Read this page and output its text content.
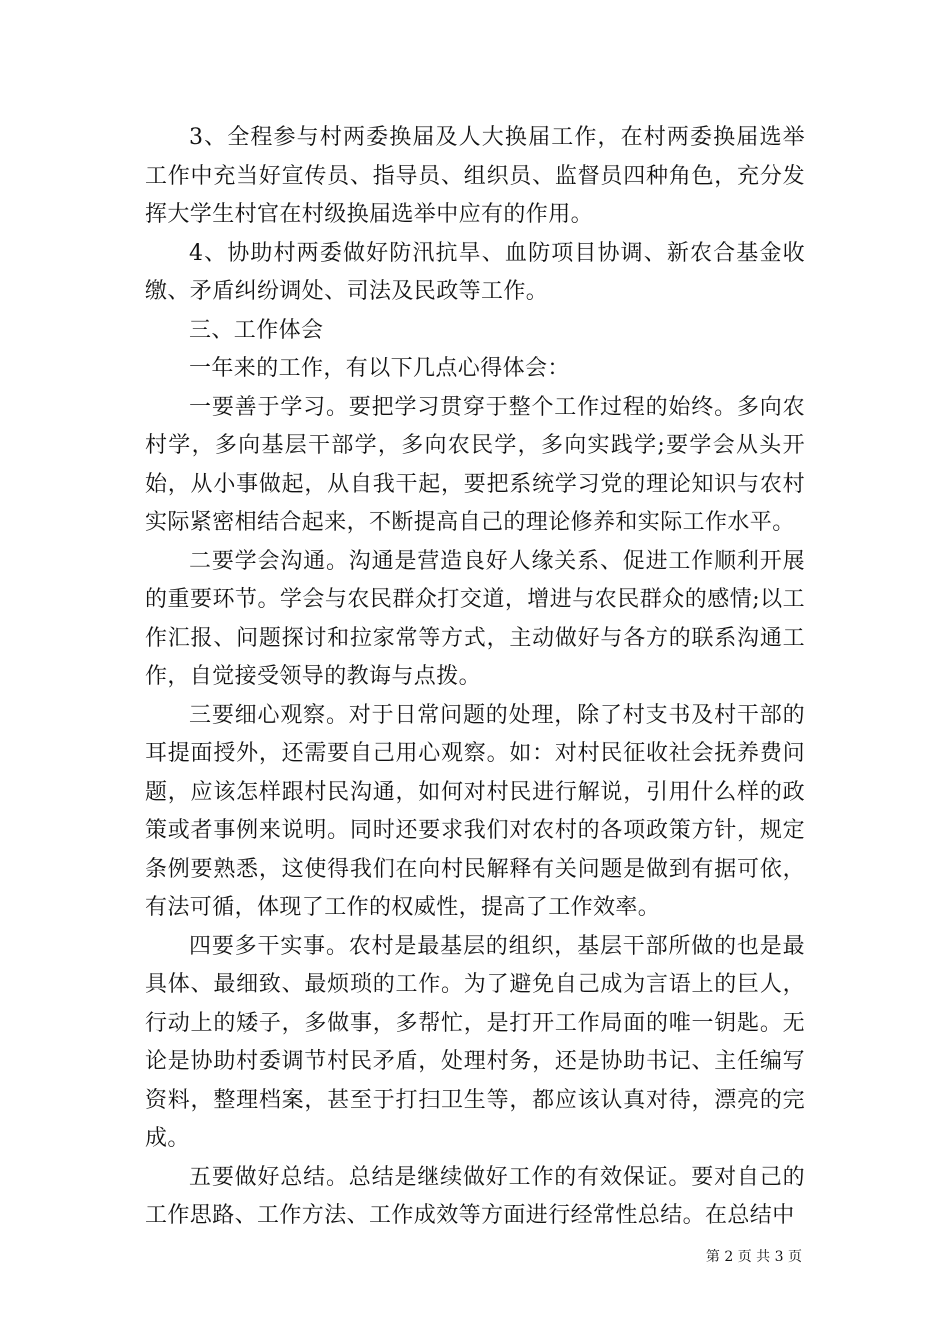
3、全程参与村两委换届及人大换届工作，在村两委换届选举工作中充当好宣传员、指导员、组织员、监督员四种角色，充分发挥大学生村官在村级换届选举中应有的作用。

4、协助村两委做好防汛抗旱、血防项目协调、新农合基金收缴、矛盾纠纷调处、司法及民政等工作。

三、工作体会

一年来的工作，有以下几点心得体会：

一要善于学习。要把学习贯穿于整个工作过程的始终。多向农村学，多向基层干部学，多向农民学，多向实践学;要学会从头开始，从小事做起，从自我干起，要把系统学习党的理论知识与农村实际紧密相结合起来，不断提高自己的理论修养和实际工作水平。

二要学会沟通。沟通是营造良好人缘关系、促进工作顺利开展的重要环节。学会与农民群众打交道，增进与农民群众的感情;以工作汇报、问题探讨和拉家常等方式，主动做好与各方的联系沟通工作，自觉接受领导的教诲与点拨。

三要细心观察。对于日常问题的处理，除了村支书及村干部的耳提面授外，还需要自己用心观察。如：对村民征收社会抚养费问题，应该怎样跟村民沟通，如何对村民进行解说，引用什么样的政策或者事例来说明。同时还要求我们对农村的各项政策方针，规定条例要熟悉，这使得我们在向村民解释有关问题是做到有据可依，有法可循，体现了工作的权威性，提高了工作效率。

四要多干实事。农村是最基层的组织，基层干部所做的也是最具体、最细致、最烦琐的工作。为了避免自己成为言语上的巨人，行动上的矮子，多做事，多帮忙，是打开工作局面的唯一钥匙。无论是协助村委调节村民矛盾，处理村务，还是协助书记、主任编写资料，整理档案，甚至于打扫卫生等，都应该认真对待，漂亮的完成。

五要做好总结。总结是继续做好工作的有效保证。要对自己的工作思路、工作方法、工作成效等方面进行经常性总结。在总结中

第 2 页 共 3 页
